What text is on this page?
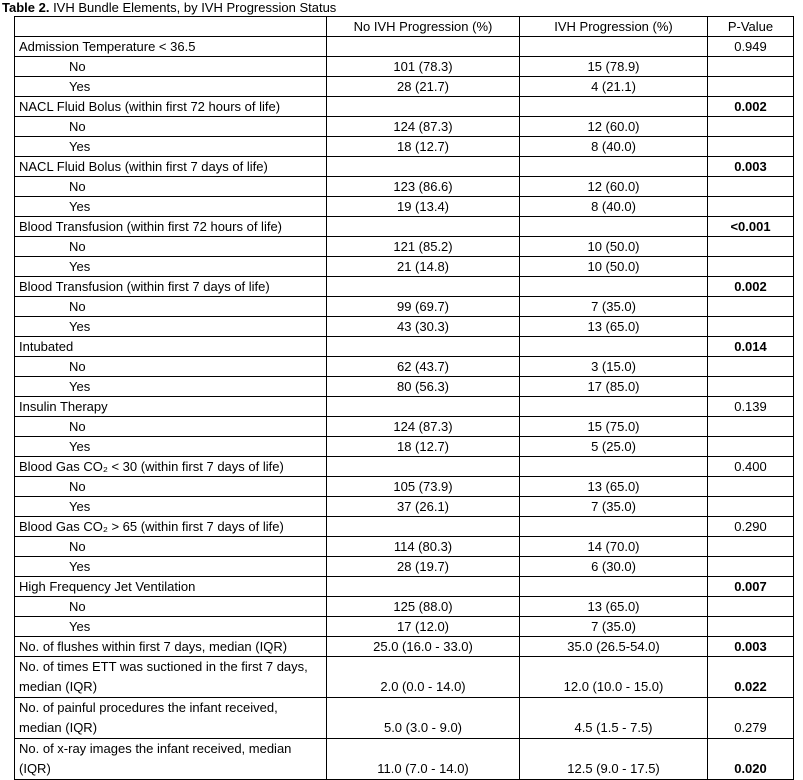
Table 2. IVH Bundle Elements, by IVH Progression Status
	No IVH Progression (%)	IVH Progression (%)	P-Value
Admission Temperature < 36.5			0.949
No	101 (78.3)	15 (78.9)	
Yes	28 (21.7)	4 (21.1)	
NACL Fluid Bolus (within first 72 hours of life)			0.002
No	124 (87.3)	12 (60.0)	
Yes	18 (12.7)	8 (40.0)	
NACL Fluid Bolus (within first 7 days of life)			0.003
No	123 (86.6)	12 (60.0)	
Yes	19 (13.4)	8 (40.0)	
Blood Transfusion (within first 72 hours of life)			<0.001
No	121 (85.2)	10 (50.0)	
Yes	21 (14.8)	10 (50.0)	
Blood Transfusion (within first 7 days of life)			0.002
No	99 (69.7)	7 (35.0)	
Yes	43 (30.3)	13 (65.0)	
Intubated			0.014
No	62 (43.7)	3 (15.0)	
Yes	80 (56.3)	17 (85.0)	
Insulin Therapy			0.139
No	124 (87.3)	15 (75.0)	
Yes	18 (12.7)	5 (25.0)	
Blood Gas CO₂ < 30 (within first 7 days of life)			0.400
No	105 (73.9)	13 (65.0)	
Yes	37 (26.1)	7 (35.0)	
Blood Gas CO₂ > 65 (within first 7 days of life)			0.290
No	114 (80.3)	14 (70.0)	
Yes	28 (19.7)	6 (30.0)	
High Frequency Jet Ventilation			0.007
No	125 (88.0)	13 (65.0)	
Yes	17 (12.0)	7 (35.0)	
No. of flushes within first 7 days, median (IQR)	25.0 (16.0 - 33.0)	35.0 (26.5-54.0)	0.003
No. of times ETT was suctioned in the first 7 days, median (IQR)	2.0 (0.0 - 14.0)	12.0 (10.0 - 15.0)	0.022
No. of painful procedures the infant received, median (IQR)	5.0 (3.0 - 9.0)	4.5 (1.5 - 7.5)	0.279
No. of x-ray images the infant received, median (IQR)	11.0 (7.0 - 14.0)	12.5 (9.0 - 17.5)	0.020
